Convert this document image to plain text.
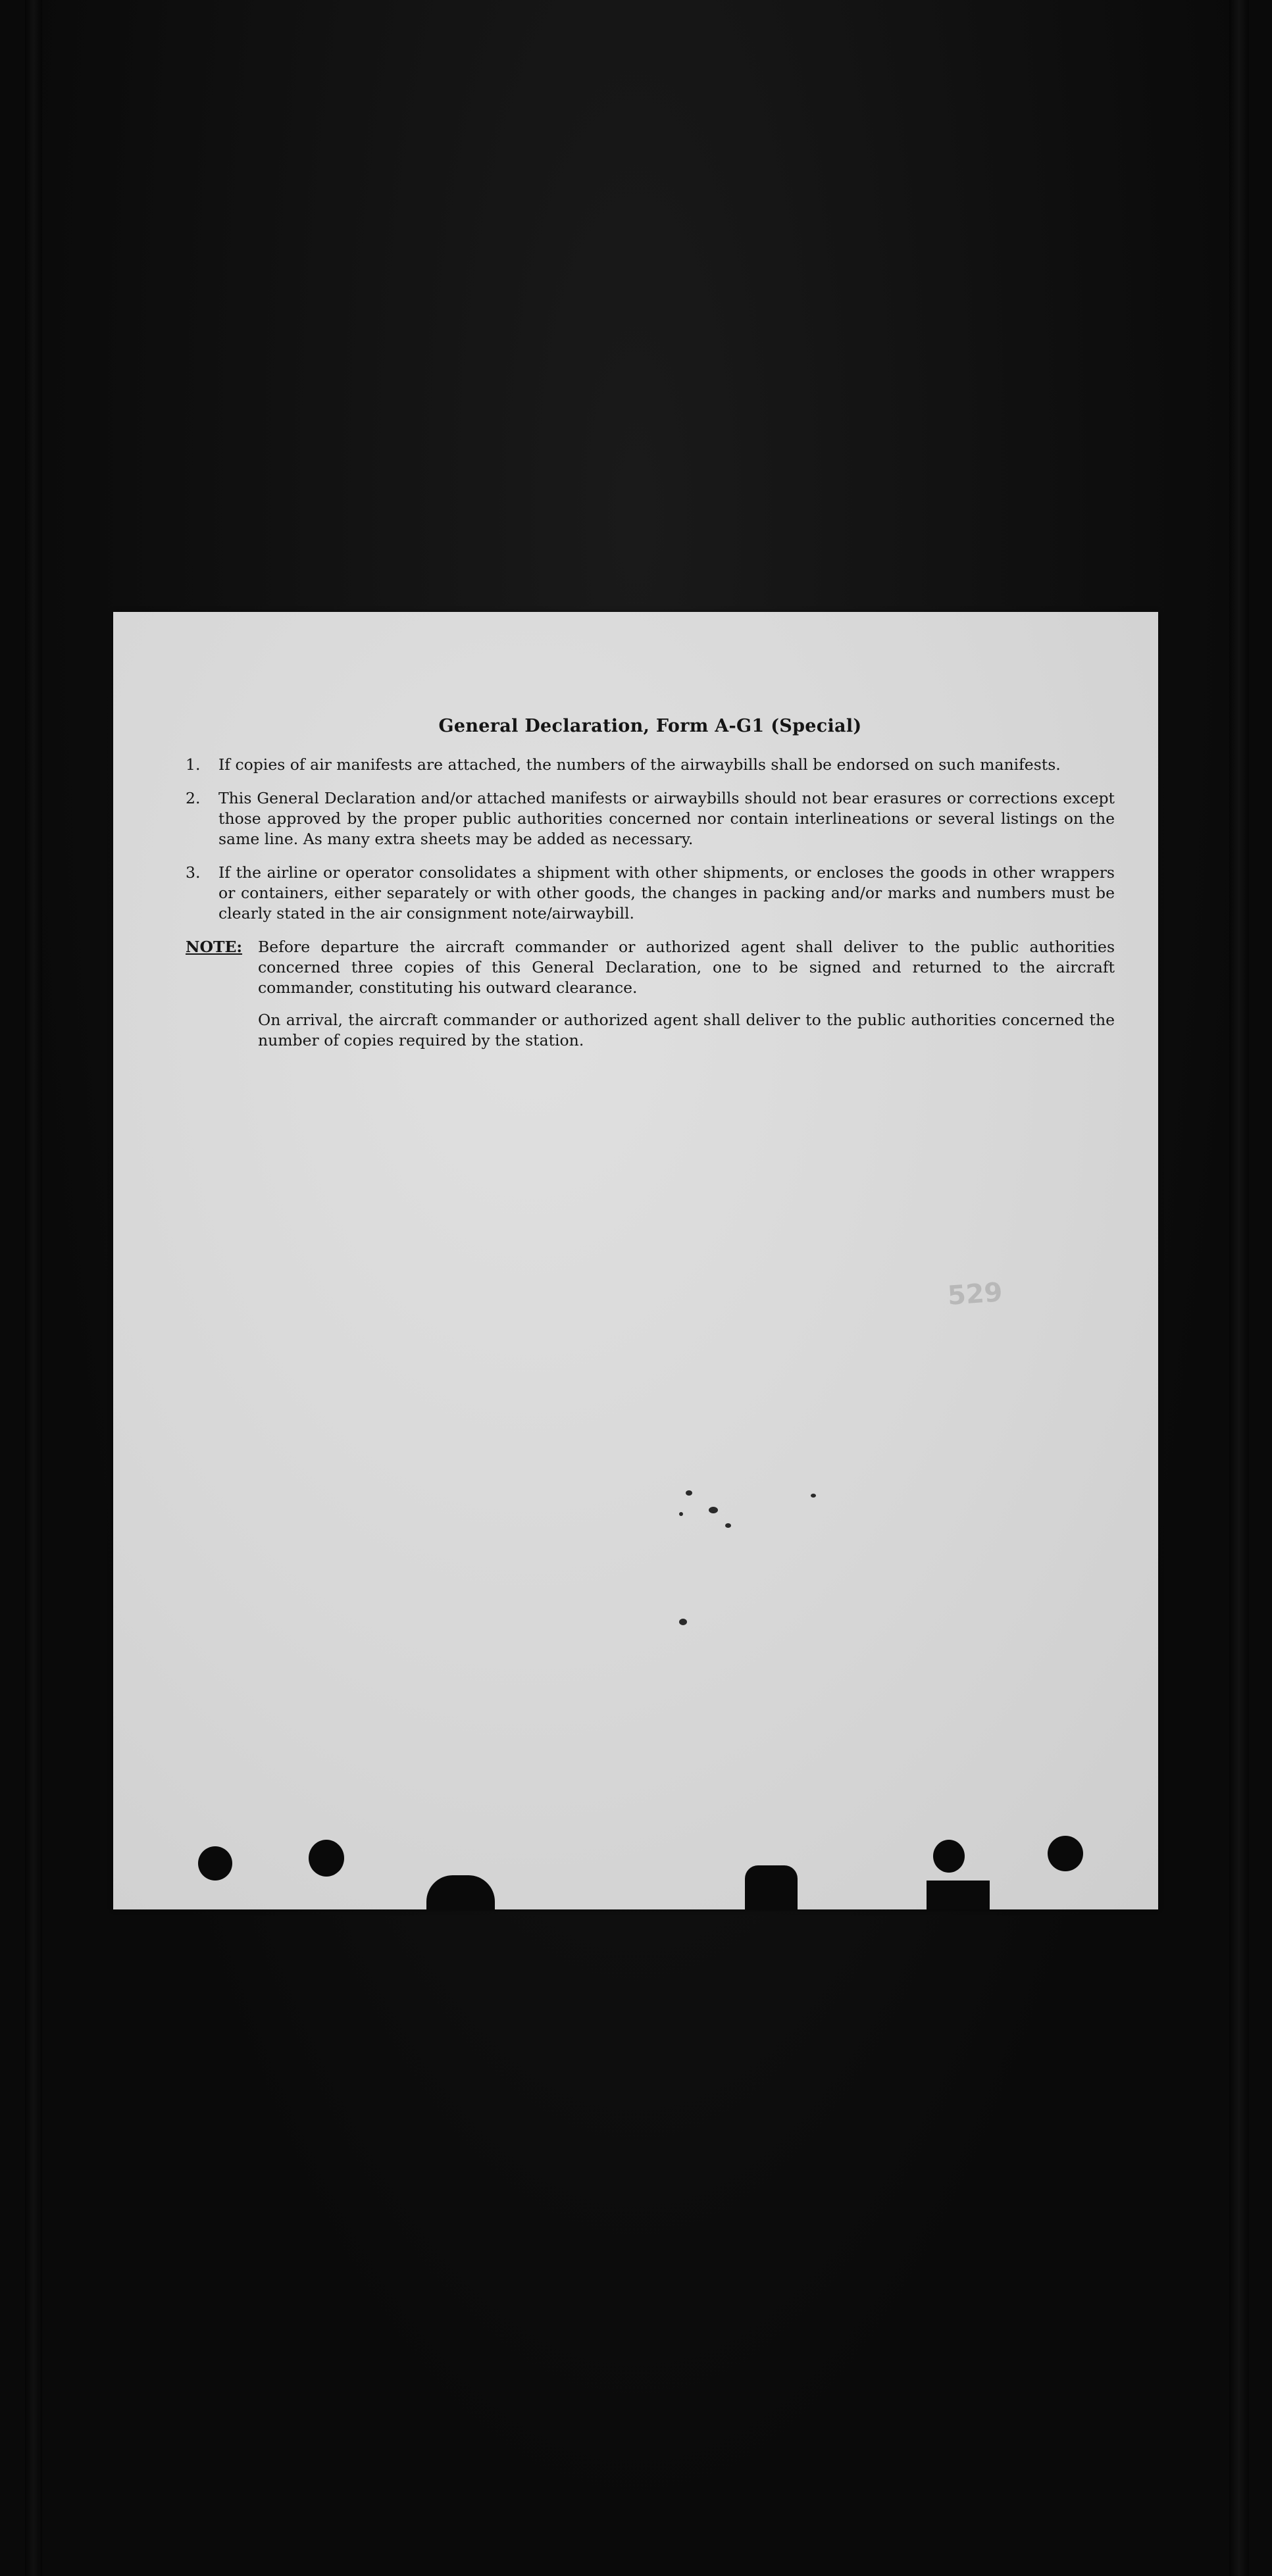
529
General Declaration, Form A-G1 (Special)
1.	If copies of air manifests are attached, the numbers of the airwaybills shall be endorsed on such manifests.
2.	This General Declaration and/or attached manifests or airwaybills should not bear erasures or corrections except those approved by the proper public authorities concerned nor contain interlineations or several listings on the same line. As many extra sheets may be added as necessary.
3.	If the airline or operator consolidates a shipment with other shipments, or encloses the goods in other wrappers or containers, either separately or with other goods, the changes in packing and/or marks and numbers must be clearly stated in the air consignment note/airwaybill.
NOTE:	Before departure the aircraft commander or authorized agent shall deliver to the public authorities concerned three copies of this General Declaration, one to be signed and returned to the aircraft commander, constituting his outward clearance.
On arrival, the aircraft commander or authorized agent shall deliver to the public authorities concerned the number of copies required by the station.
